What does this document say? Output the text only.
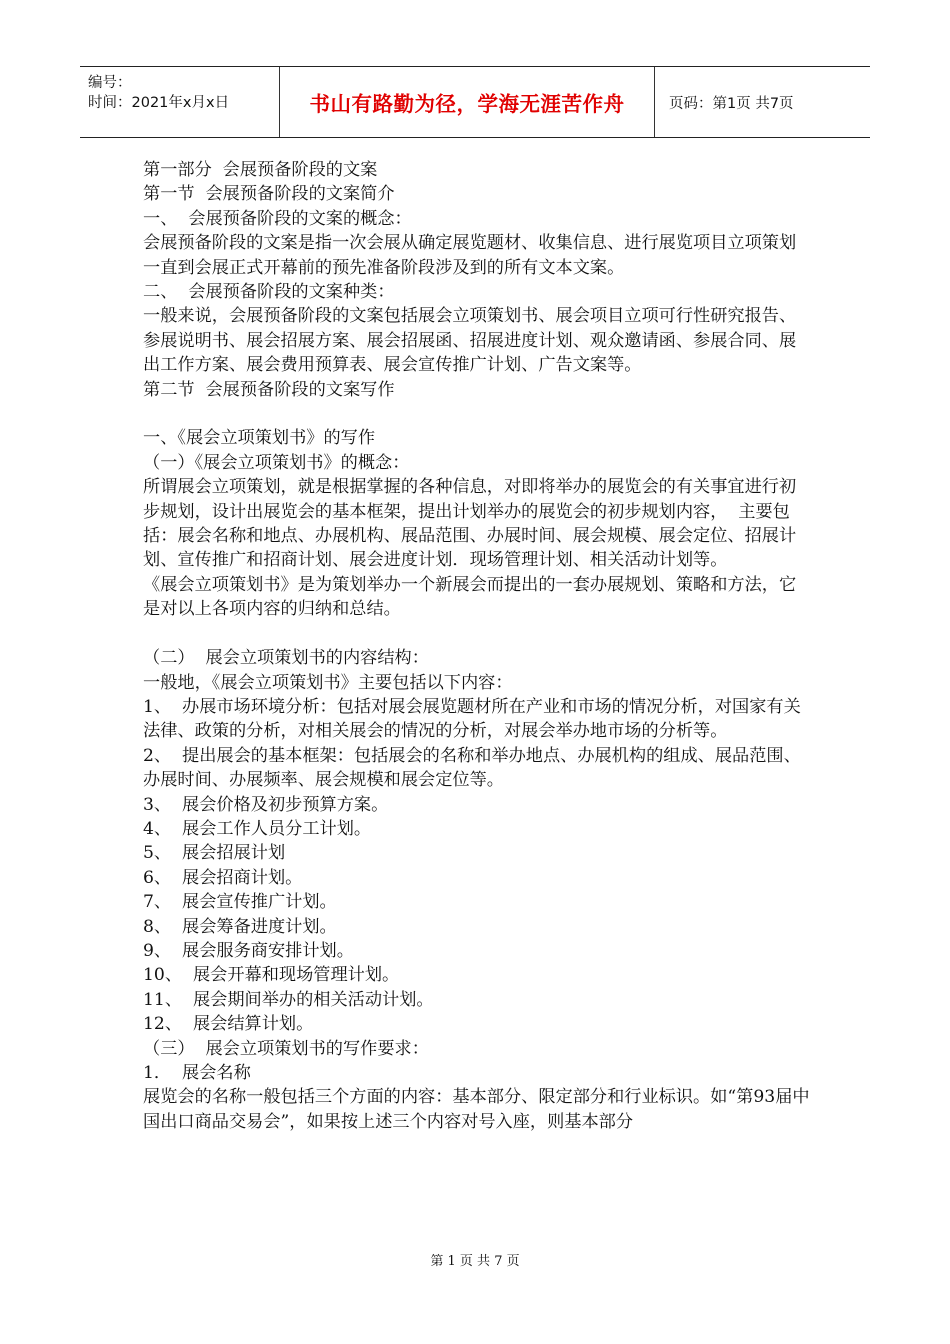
编号：
时间：2021年x月x日	书山有路勤为径，学海无涯苦作舟	页码：第1页 共7页

第一部分  会展预备阶段的文案

第一节  会展预备阶段的文案简介

一、  会展预备阶段的文案的概念：

会展预备阶段的文案是指一次会展从确定展览题材、收集信息、进行展览项目立项策划一直到会展正式开幕前的预先准备阶段涉及到的所有文本文案。

二、  会展预备阶段的文案种类：

一般来说，会展预备阶段的文案包括展会立项策划书、展会项目立项可行性研究报告、参展说明书、展会招展方案、展会招展函、招展进度计划、观众邀请函、参展合同、展出工作方案、展会费用预算表、展会宣传推广计划、广告文案等。

第二节  会展预备阶段的文案写作

一、《展会立项策划书》的写作

（一）《展会立项策划书》的概念：

所谓展会立项策划，就是根据掌握的各种信息，对即将举办的展览会的有关事宜进行初步规划，设计出展览会的基本框架，提出计划举办的展览会的初步规划内容，  主要包括：展会名称和地点、办展机构、展品范围、办展时间、展会规模、展会定位、招展计划、宣传推广和招商计划、展会进度计划．现场管理计划、相关活动计划等。

《展会立项策划书》是为策划举办一个新展会而提出的一套办展规划、策略和方法，它是对以上各项内容的归纳和总结。

（二）  展会立项策划书的内容结构：

一般地，《展会立项策划书》主要包括以下内容：

1、  办展市场环境分析：包括对展会展览题材所在产业和市场的情况分析，对国家有关法律、政策的分析，对相关展会的情况的分析，对展会举办地市场的分析等。

2、  提出展会的基本框架：包括展会的名称和举办地点、办展机构的组成、展品范围、办展时间、办展频率、展会规模和展会定位等。

3、  展会价格及初步预算方案。

4、  展会工作人员分工计划。

5、  展会招展计划

6、  展会招商计划。

7、  展会宣传推广计划。

8、  展会筹备进度计划。

9、  展会服务商安排计划。

10、  展会开幕和现场管理计划。

11、  展会期间举办的相关活动计划。

12、  展会结算计划。

（三）  展会立项策划书的写作要求：

1．  展会名称

展览会的名称一般包括三个方面的内容：基本部分、限定部分和行业标识。如“第93届中国出口商品交易会”，如果按上述三个内容对号入座，则基本部分

第 1 页 共 7 页
